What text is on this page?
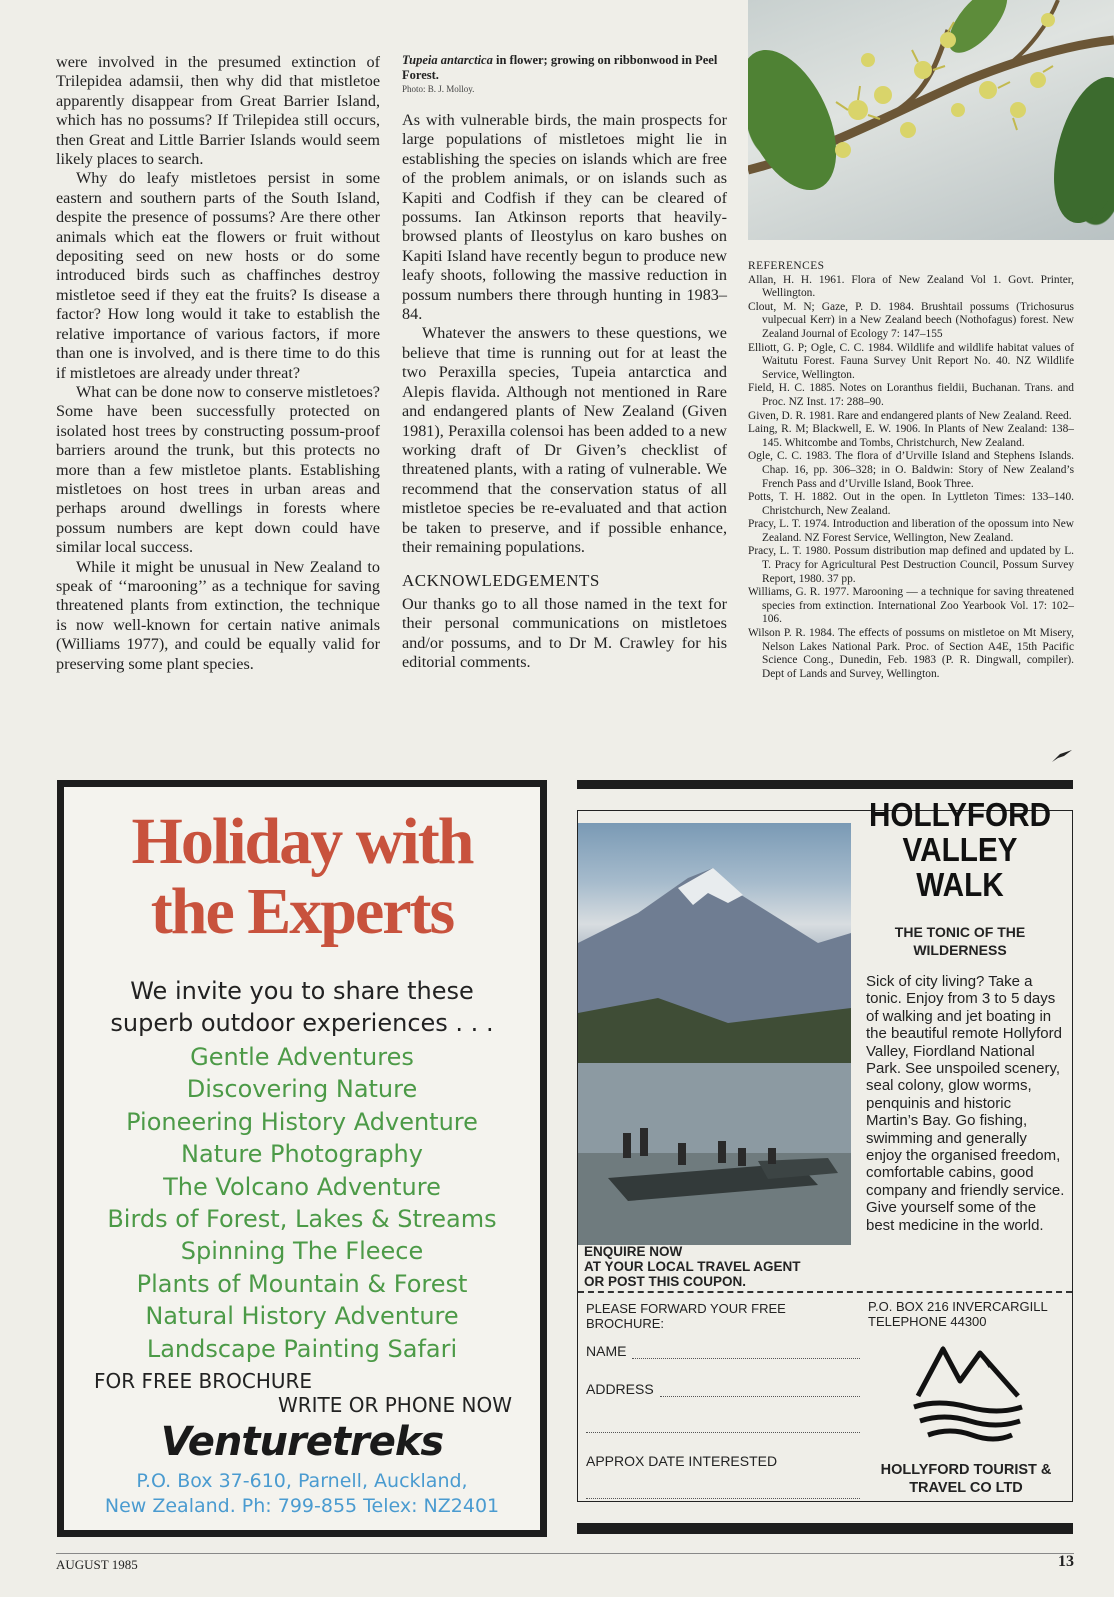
were involved in the presumed extinction of Trilepidea adamsii, then why did that mistletoe apparently disappear from Great Barrier Island, which has no possums? If Trilepidea still occurs, then Great and Little Barrier Islands would seem likely places to search.

Why do leafy mistletoes persist in some eastern and southern parts of the South Island, despite the presence of possums? Are there other animals which eat the flowers or fruit without depositing seed on new hosts or do some introduced birds such as chaffinches destroy mistletoe seed if they eat the fruits? Is disease a factor? How long would it take to establish the relative importance of various factors, if more than one is involved, and is there time to do this if mistletoes are already under threat?

What can be done now to conserve mistletoes? Some have been successfully protected on isolated host trees by constructing possum-proof barriers around the trunk, but this protects no more than a few mistletoe plants. Establishing mistletoes on host trees in urban areas and perhaps around dwellings in forests where possum numbers are kept down could have similar local success.

While it might be unusual in New Zealand to speak of ‘‘marooning’’ as a technique for saving threatened plants from extinction, the technique is now well-known for certain native animals (Williams 1977), and could be equally valid for preserving some plant species.

Tupeia antarctica in flower; growing on ribbonwood in Peel Forest.
Photo: B. J. Molloy.

As with vulnerable birds, the main prospects for large populations of mistletoes might lie in establishing the species on islands which are free of the problem animals, or on islands such as Kapiti and Codfish if they can be cleared of possums. Ian Atkinson reports that heavily-browsed plants of Ileostylus on karo bushes on Kapiti Island have recently begun to produce new leafy shoots, following the massive reduction in possum numbers there through hunting in 1983–84.

Whatever the answers to these questions, we believe that time is running out for at least the two Peraxilla species, Tupeia antarctica and Alepis flavida. Although not mentioned in Rare and endangered plants of New Zealand (Given 1981), Peraxilla colensoi has been added to a new working draft of Dr Given’s checklist of threatened plants, with a rating of vulnerable. We recommend that the conservation status of all mistletoe species be re-evaluated and that action be taken to preserve, and if possible enhance, their remaining populations.

ACKNOWLEDGEMENTS

Our thanks go to all those named in the text for their personal communications on mistletoes and/or possums, and to Dr M. Crawley for his editorial comments.

REFERENCES
Allan, H. H. 1961. Flora of New Zealand Vol 1. Govt. Printer, Wellington.
Clout, M. N; Gaze, P. D. 1984. Brushtail possums (Trichosurus vulpecual Kerr) in a New Zealand beech (Nothofagus) forest. New Zealand Journal of Ecology 7: 147–155
Elliott, G. P; Ogle, C. C. 1984. Wildlife and wildlife habitat values of Waitutu Forest. Fauna Survey Unit Report No. 40. NZ Wildlife Service, Wellington.
Field, H. C. 1885. Notes on Loranthus fieldii, Buchanan. Trans. and Proc. NZ Inst. 17: 288–90.
Given, D. R. 1981. Rare and endangered plants of New Zealand. Reed.
Laing, R. M; Blackwell, E. W. 1906. In Plants of New Zealand: 138–145. Whitcombe and Tombs, Christchurch, New Zealand.
Ogle, C. C. 1983. The flora of d’Urville Island and Stephens Islands. Chap. 16, pp. 306–328; in O. Baldwin: Story of New Zealand’s French Pass and d’Urville Island, Book Three.
Potts, T. H. 1882. Out in the open. In Lyttleton Times: 133–140. Christchurch, New Zealand.
Pracy, L. T. 1974. Introduction and liberation of the opossum into New Zealand. NZ Forest Service, Wellington, New Zealand.
Pracy, L. T. 1980. Possum distribution map defined and updated by L. T. Pracy for Agricultural Pest Destruction Council, Possum Survey Report, 1980. 37 pp.
Williams, G. R. 1977. Marooning — a technique for saving threatened species from extinction. International Zoo Yearbook Vol. 17: 102–106.
Wilson P. R. 1984. The effects of possums on mistletoe on Mt Misery, Nelson Lakes National Park. Proc. of Section A4E, 15th Pacific Science Cong., Dunedin, Feb. 1983 (P. R. Dingwall, compiler). Dept of Lands and Survey, Wellington.
Holiday with
the Experts
We invite you to share these
superb outdoor experiences . . .
Gentle Adventures
Discovering Nature
Pioneering History Adventure
Nature Photography
The Volcano Adventure
Birds of Forest, Lakes & Streams
Spinning The Fleece
Plants of Mountain & Forest
Natural History Adventure
Landscape Painting Safari
FOR FREE BROCHURE
WRITE OR PHONE NOW
Venturetreks
P.O. Box 37-610, Parnell, Auckland,
New Zealand. Ph: 799-855 Telex: NZ2401
HOLLYFORD
VALLEY
WALK
THE TONIC OF THE
WILDERNESS
Sick of city living? Take a tonic. Enjoy from 3 to 5 days of walking and jet boating in the beautiful remote Hollyford Valley, Fiordland National Park. See unspoiled scenery, seal colony, glow worms, penquinis and historic Martin’s Bay. Go fishing, swimming and generally enjoy the organised freedom, comfortable cabins, good company and friendly service. Give yourself some of the best medicine in the world.
ENQUIRE NOW
AT YOUR LOCAL TRAVEL AGENT
OR POST THIS COUPON.
PLEASE FORWARD YOUR FREE BROCHURE:
NAME
ADDRESS
APPROX DATE INTERESTED
P.O. BOX 216 INVERCARGILL
TELEPHONE 44300
HOLLYFORD TOURIST &
TRAVEL CO LTD
AUGUST 1985	13
